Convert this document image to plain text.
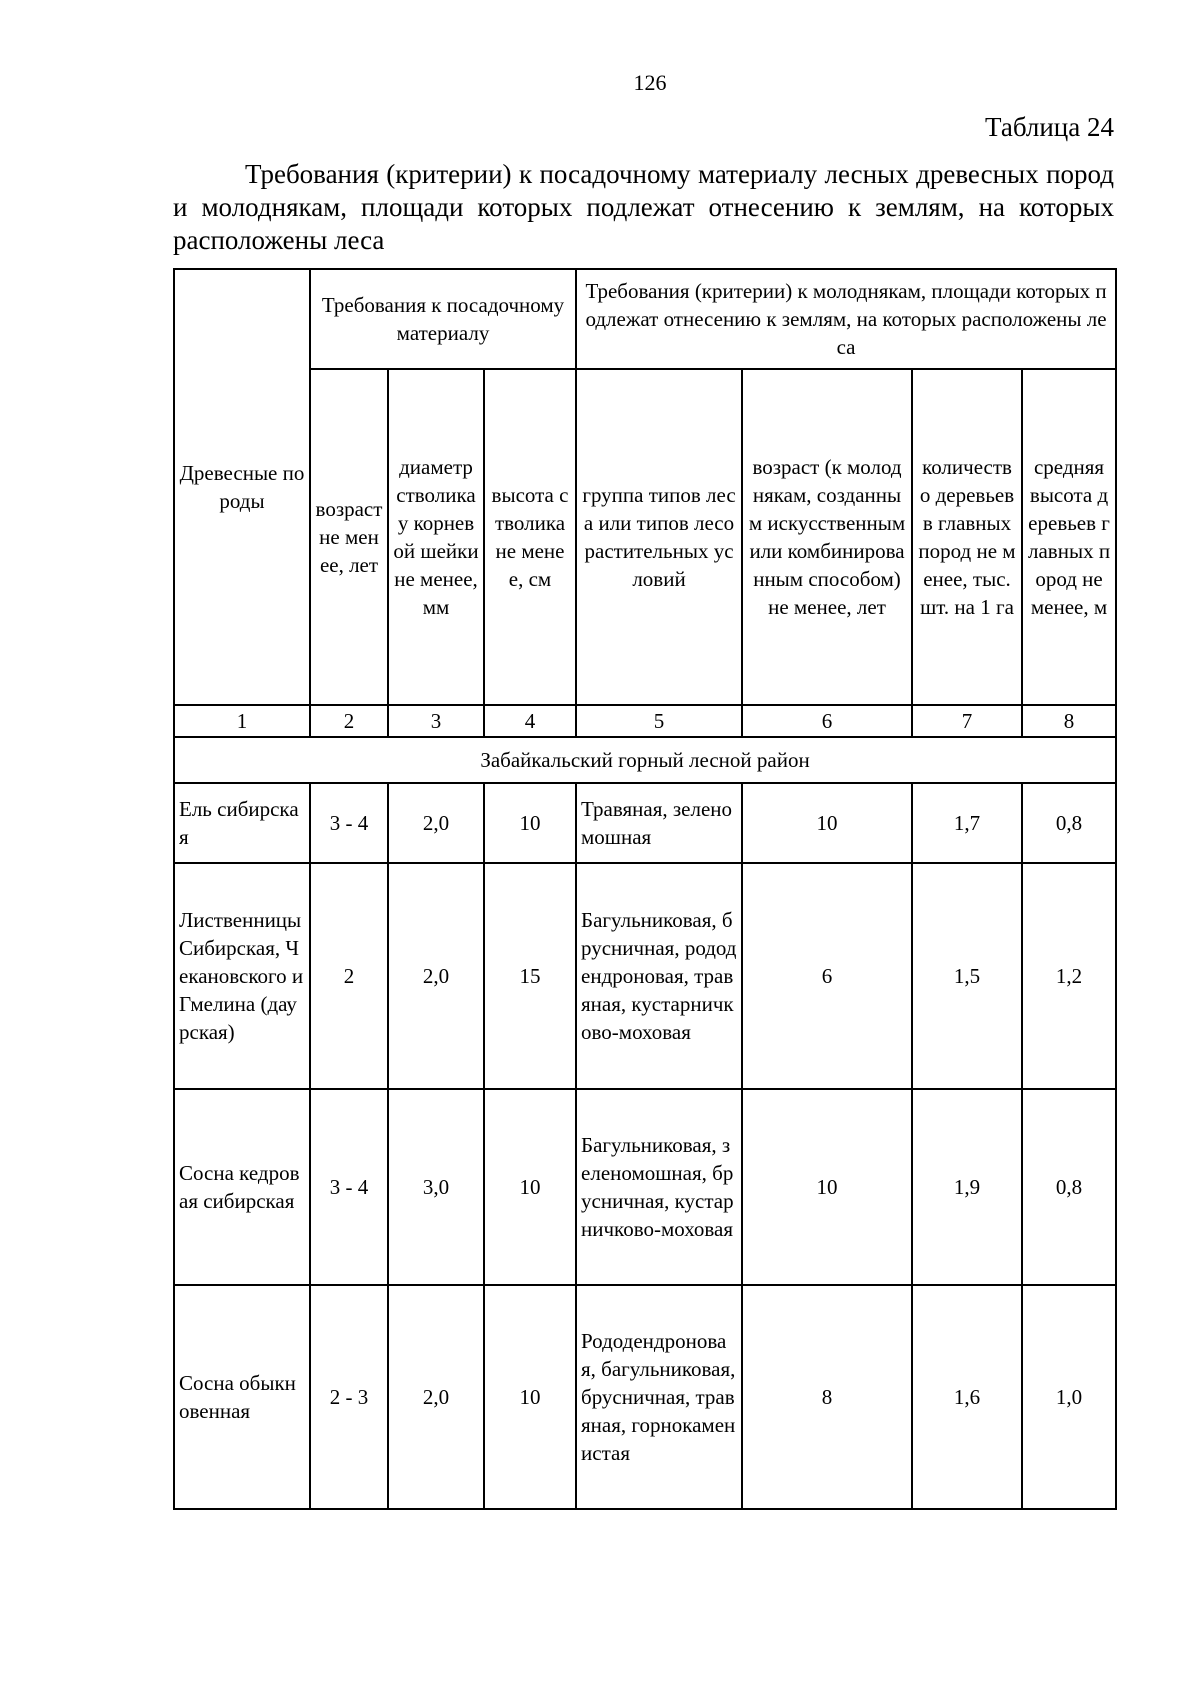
126
Таблица 24
Требования (критерии) к посадочному материалу лесных древесных пород и молоднякам, площади которых подлежат отнесению к землям, на которых расположены леса
Древесные породы	Требования к посадочному материалу			Требования (критерии) к молоднякам, площади которых подлежат отнесению к землям, на которых расположены леса			
	возраст не менее, лет	диаметр стволика у корневой шейки не менее, мм	высота стволика не менее, см	группа типов леса или типов лесорастительных условий	возраст (к молоднякам, созданным искусственным или комбинированным способом) не менее, лет	количество деревьев в главных пород не менее, тыс. шт. на 1 га	средняя высота деревьев главных пород не менее, м
1	2	3	4	5	6	7	8
Забайкальский горный лесной район							
Ель сибирская	3 - 4	2,0	10	Травяная, зеленомошная	10	1,7	0,8
Лиственницы Сибирская, Чекановского и Гмелина (даурская)	2	2,0	15	Багульниковая, брусничная, рододендроновая, травяная, кустарничково-моховая	6	1,5	1,2
Сосна кедровая сибирская	3 - 4	3,0	10	Багульниковая, зеленомошная, брусничная, кустарничково-моховая	10	1,9	0,8
Сосна обыкновенная	2 - 3	2,0	10	Рододендроновая, багульниковая, брусничная, травяная, горнокаменистая	8	1,6	1,0
